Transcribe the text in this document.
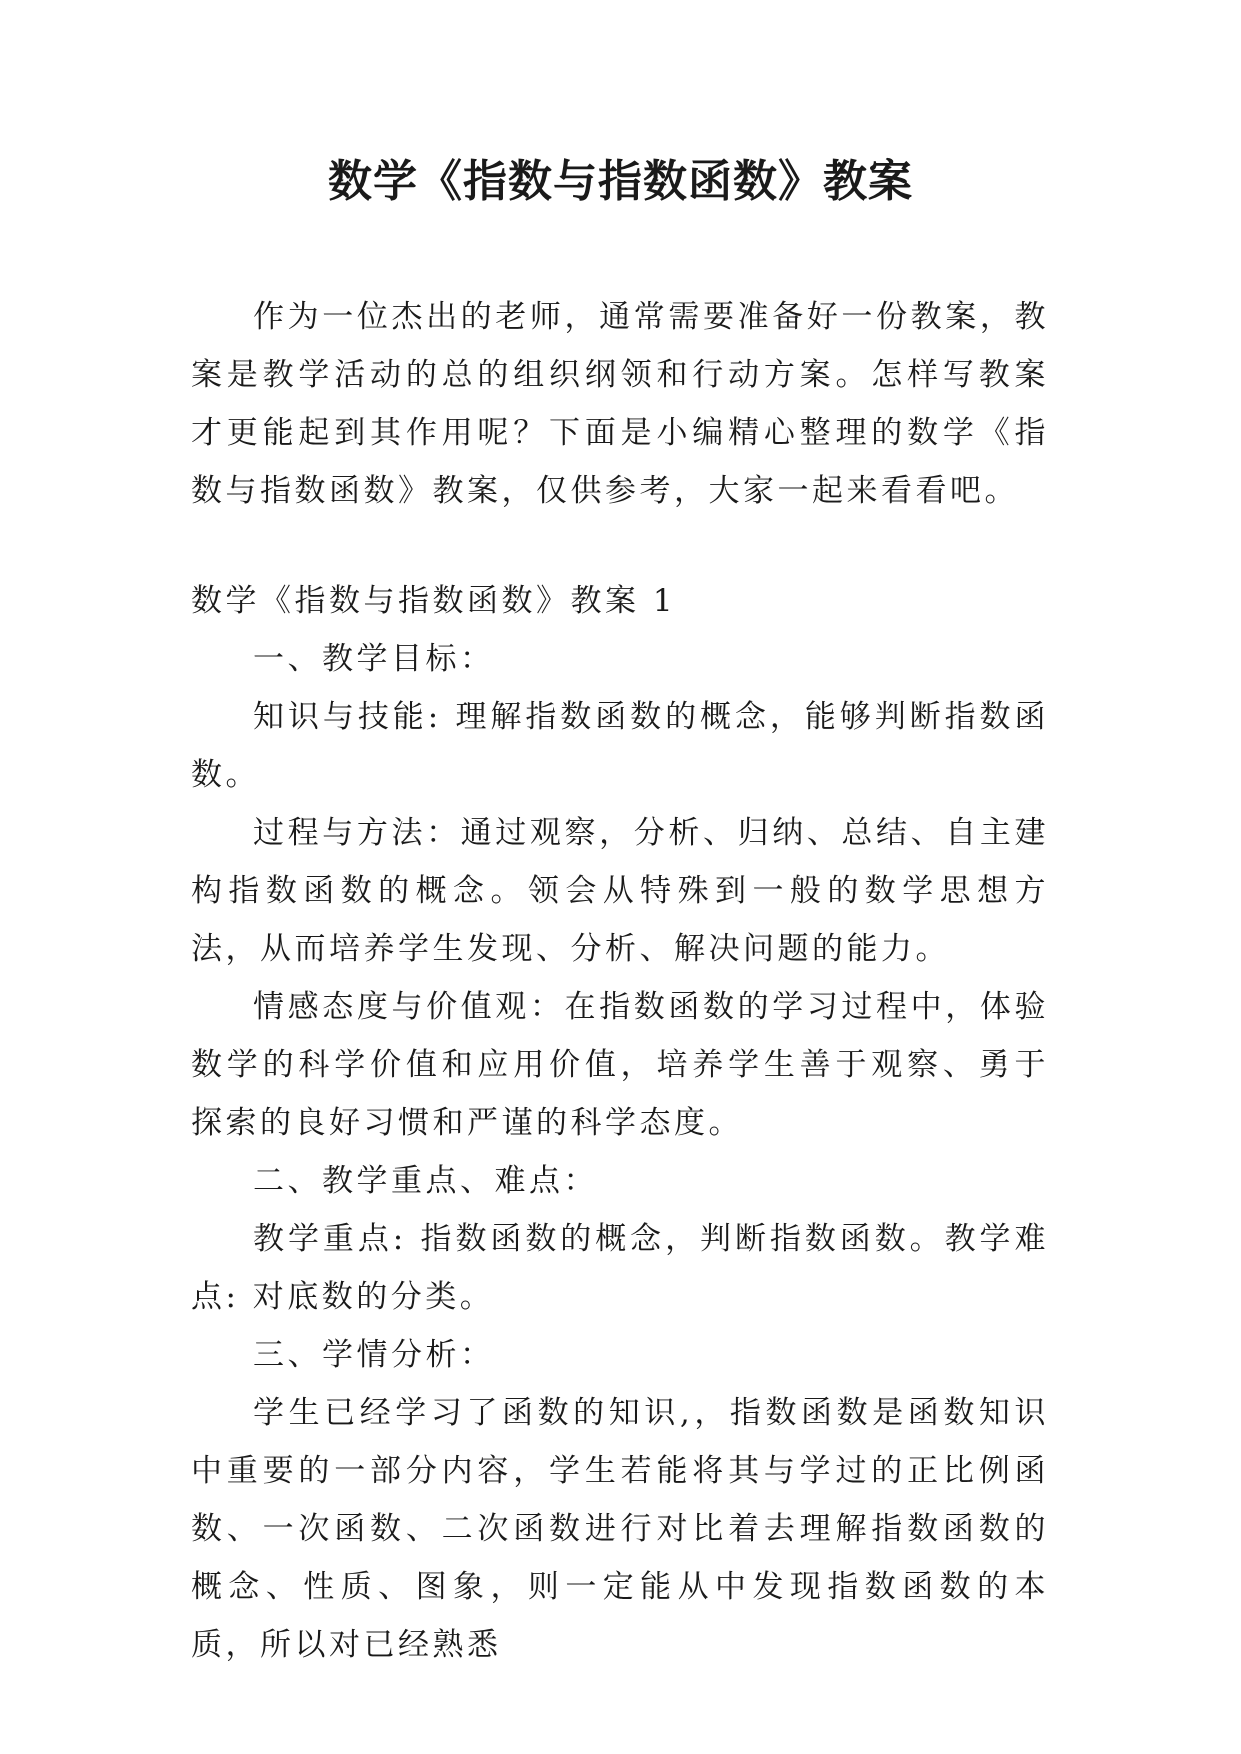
数学《指数与指数函数》教案

作为一位杰出的老师，通常需要准备好一份教案，教案是教学活动的总的组织纲领和行动方案。怎样写教案才更能起到其作用呢？下面是小编精心整理的数学《指数与指数函数》教案，仅供参考，大家一起来看看吧。

数学《指数与指数函数》教案 1

一、教学目标：

知识与技能: 理解指数函数的概念，能够判断指数函数。

过程与方法：通过观察，分析、归纳、总结、自主建构指数函数的概念。领会从特殊到一般的数学思想方法，从而培养学生发现、分析、解决问题的能力。

情感态度与价值观：在指数函数的学习过程中，体验数学的科学价值和应用价值，培养学生善于观察、勇于探索的良好习惯和严谨的科学态度。

二、教学重点、难点：

教学重点: 指数函数的概念，判断指数函数。教学难点: 对底数的分类。

三、学情分析：

学生已经学习了函数的知识,，指数函数是函数知识中重要的一部分内容，学生若能将其与学过的正比例函数、一次函数、二次函数进行对比着去理解指数函数的概念、性质、图象，则一定能从中发现指数函数的本质，所以对已经熟悉
